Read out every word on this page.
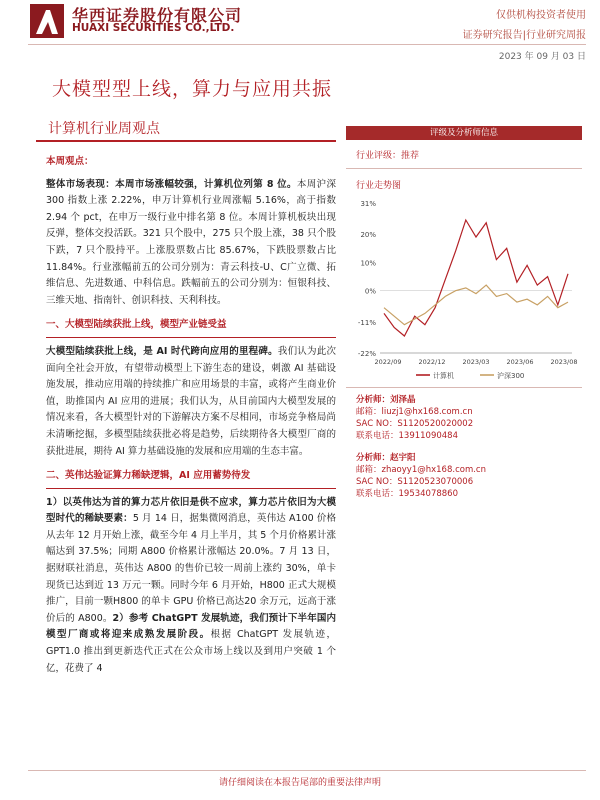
华西证券股份有限公司
HUAXI SECURITIES CO.,LTD.
仅供机构投资者使用
证券研究报告|行业研究周报
2023 年 09 月 03 日
大模型型上线，算力与应用共振
计算机行业周观点
本周观点：

整体市场表现：本周市场涨幅较强，计算机位列第 8 位。本周沪深 300 指数上涨 2.22%，申万计算机行业周涨幅 5.16%，高于指数 2.94 个 pct，在申万一级行业中排名第 8 位。本周计算机板块出现反弹，整体交投活跃。321 只个股中，275 只个股上涨，38 只个股下跌，7 只个股持平。上涨股票数占比 85.67%，下跌股票数占比 11.84%。行业涨幅前五的公司分别为：青云科技-U、C广立微、拓维信息、先进数通、中科信息。跌幅前五的公司分别为：恒银科技、三维天地、指南针、创识科技、天利科技。

一、大模型陆续获批上线，模型产业链受益

大模型陆续获批上线，是 AI 时代跨向应用的里程碑。我们认为此次面向全社会开放，有望带动模型上下游生态的建设，刺激 AI 基础设施发展，推动应用端的持续推广和应用场景的丰富，或将产生商业价值，助推国内 AI 应用的进展；我们认为，从目前国内大模型发展的情况来看，各大模型针对的下游解决方案不尽相同，市场竞争格局尚未清晰挖掘，多模型陆续获批必将是趋势，后续期待各大模型厂商的获批进展，期待 AI 算力基础设施的发展和应用端的生态丰富。

二、英伟达验证算力稀缺逻辑，AI 应用蓄势待发

1）以英伟达为首的算力芯片依旧是供不应求，算力芯片依旧为大模型时代的稀缺要素：5 月 14 日，据集微网消息，英伟达 A100 价格从去年 12 月开始上涨，截至今年 4 月上半月，其 5 个月价格累计涨幅达到 37.5%；同期 A800 价格累计涨幅达 20.0%。7 月 13 日，据财联社消息，英伟达 A800 的售价已较一周前上涨约 30%，单卡现货已达到近 13 万元一颗。同时今年 6 月开始，H800 正式大规模推广，目前一颗H800 的单卡 GPU 价格已高达20 余万元，远高于涨价后的 A800。2）参考 ChatGPT 发展轨迹，我们预计下半年国内模型厂商或将迎来成熟发展阶段。根据 ChatGPT 发展轨迹，GPT1.0 推出到更新迭代正式在公众市场上线以及到用户突破 1 个亿，花费了 4

评级及分析师信息
行业评级：推荐
行业走势图
31%
20%
10%
0%
-11%
-22%
2022/09	2022/12	2023/03	2023/06	2023/08
计算机	沪深300
分析师：刘泽晶
邮箱：liuzj1@hx168.com.cn
SAC NO：S1120520020002
联系电话：13911090484
分析师：赵宇阳
邮箱：zhaoyy1@hx168.com.cn
SAC NO：S1120523070006
联系电话：19534078860
请仔细阅读在本报告尾部的重要法律声明
